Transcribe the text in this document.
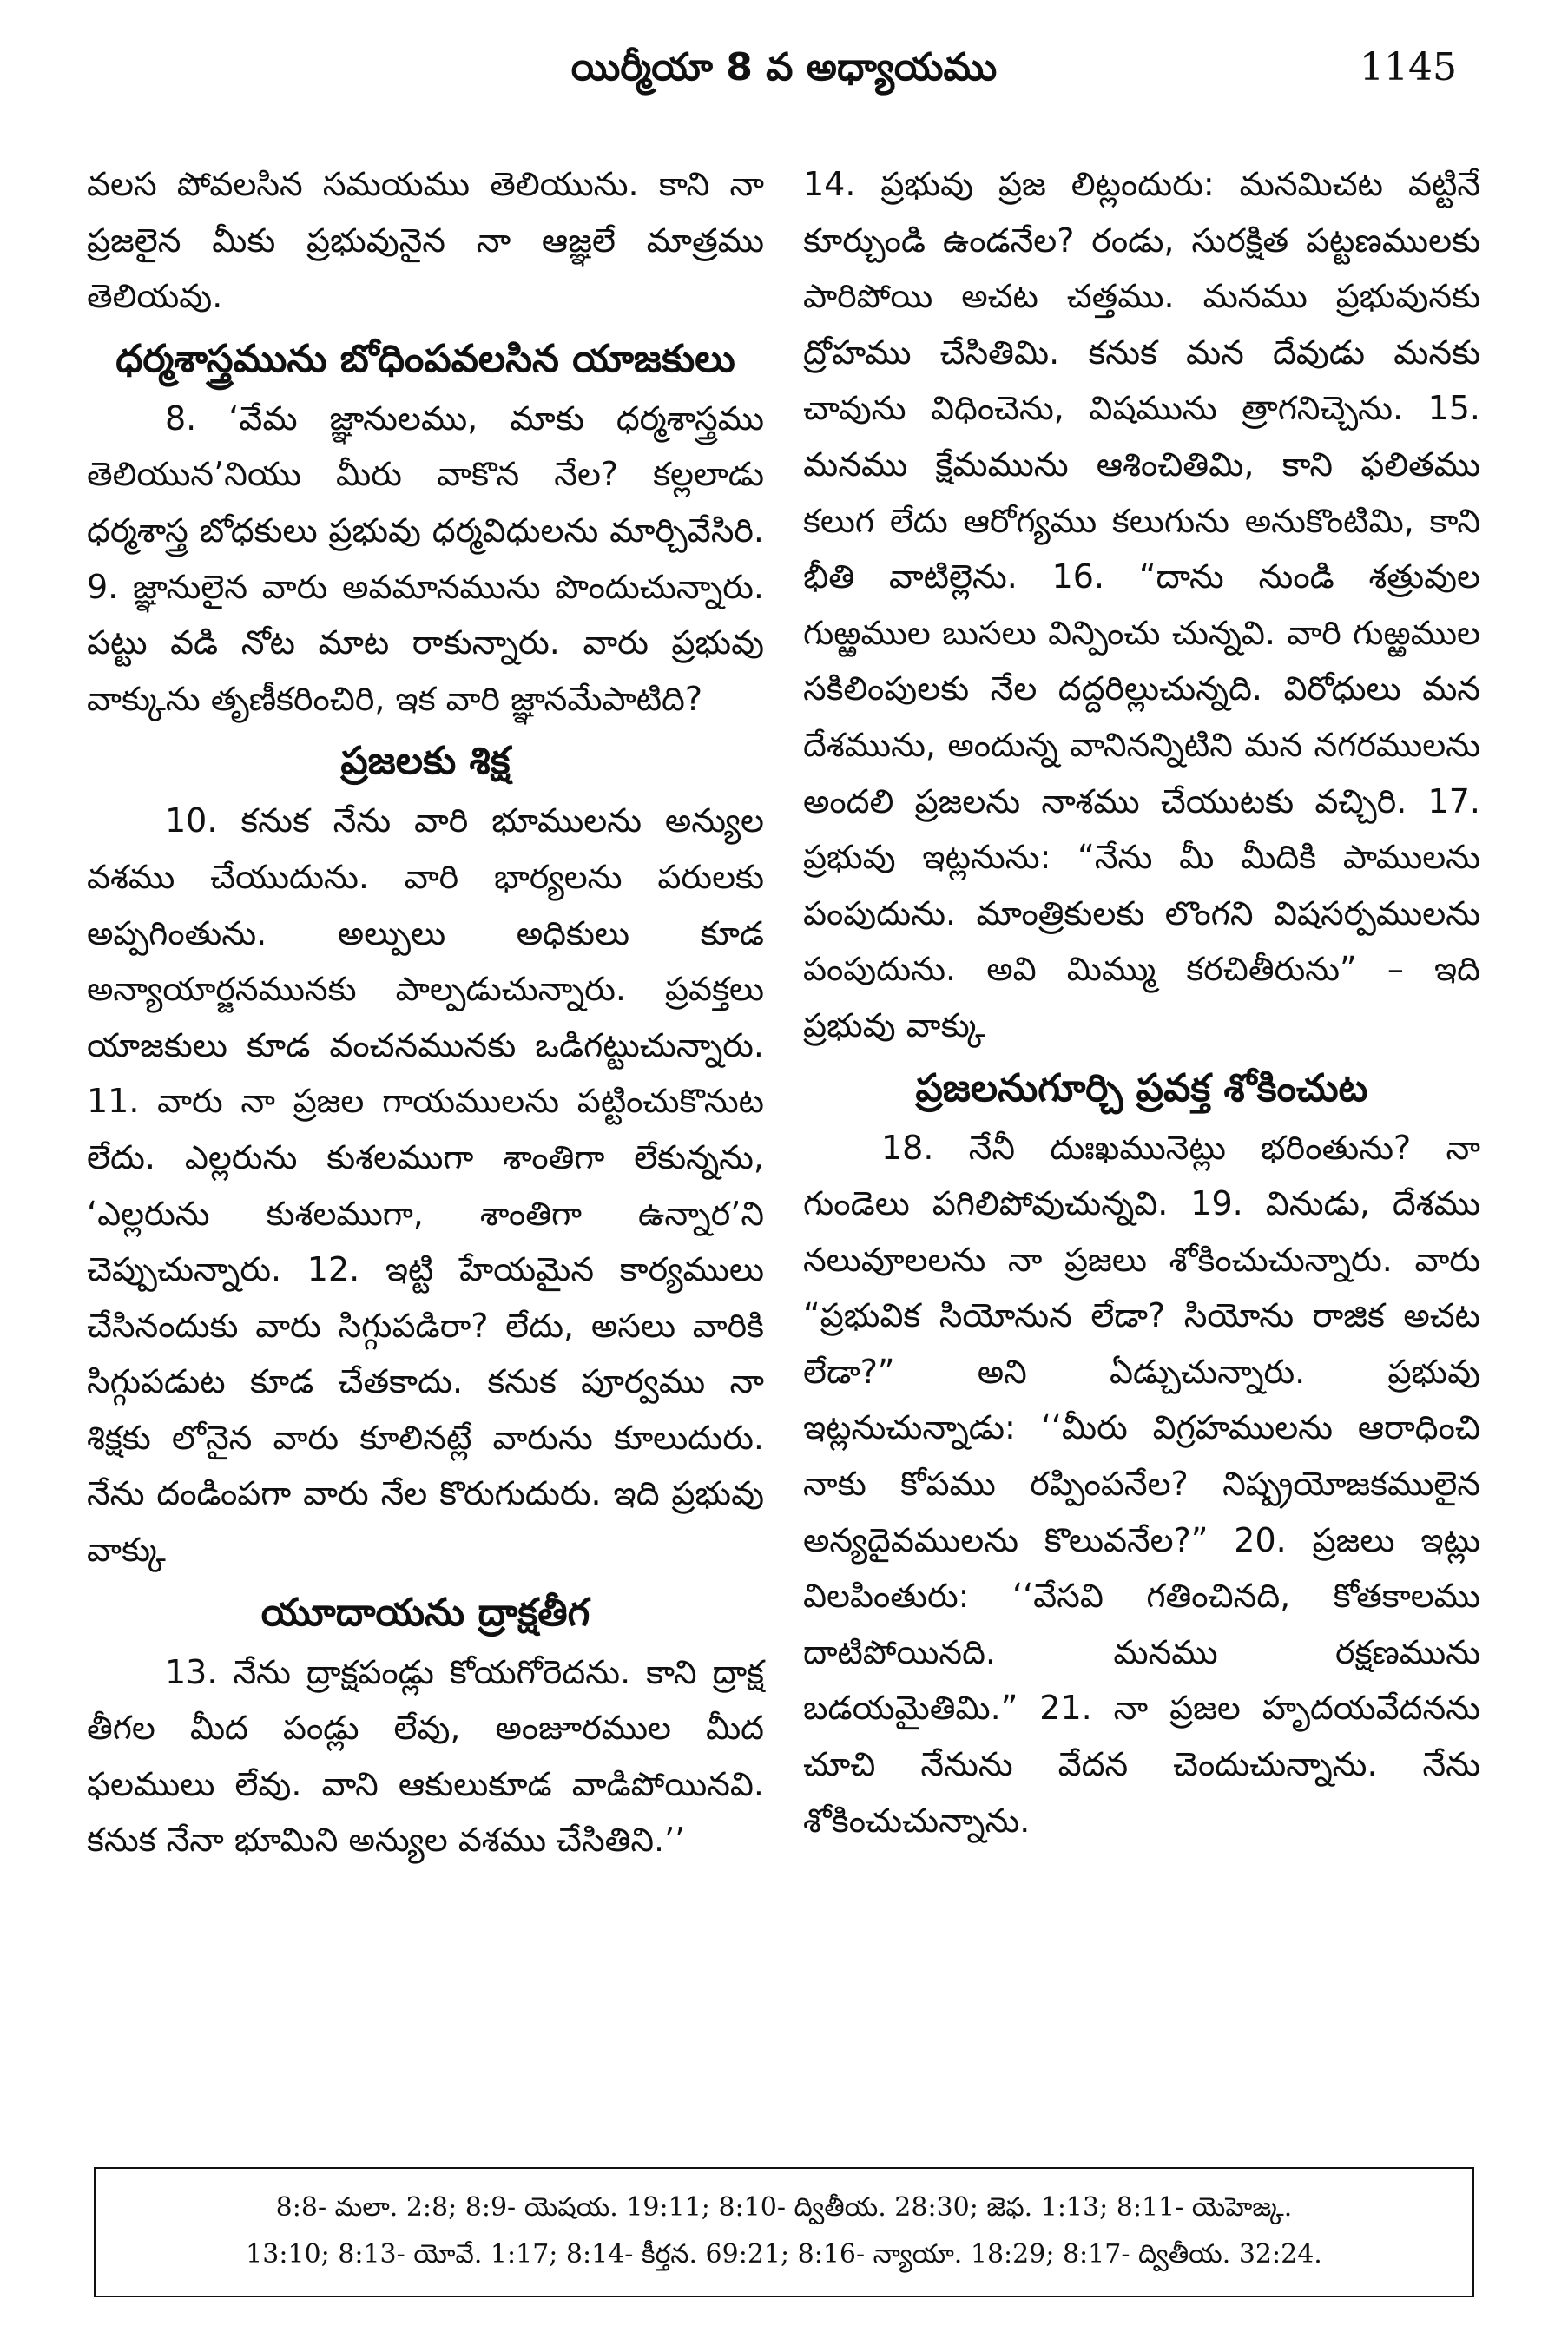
యిర్మీయా 8 వ అధ్యాయము	1145

వలస పోవలసిన సమయము తెలియును. కాని నా ప్రజలైన మీకు ప్రభువునైన నా ఆజ్ఞలే మాత్రము తెలియవు.

ధర్మశాస్త్రమును బోధింపవలసిన యాజకులు

8. ‘వేమ జ్ఞానులము, మాకు ధర్మశాస్త్రము తెలియున’నియు మీరు వాకొన నేల? కల్లలాడు ధర్మశాస్త్ర బోధకులు ప్రభువు ధర్మవిధులను మార్చివేసిరి. 9. జ్ఞానులైన వారు అవమానమును పొందుచున్నారు. పట్టు వడి నోట మాట రాకున్నారు. వారు ప్రభువు వాక్కును తృణీకరించిరి, ఇక వారి జ్ఞానమేపాటిది?

ప్రజలకు శిక్ష

10. కనుక నేను వారి భూములను అన్యుల వశము చేయుదును. వారి భార్యలను పరులకు అప్పగింతును. అల్పులు అధికులు కూడ అన్యాయార్జనమునకు పాల్పడుచున్నారు. ప్రవక్తలు యాజకులు కూడ వంచనమునకు ఒడిగట్టుచున్నారు. 11. వారు నా ప్రజల గాయములను పట్టించుకొనుట లేదు. ఎల్లరును కుశలముగా శాంతిగా లేకున్నను, ‘ఎల్లరును కుశలముగా, శాంతిగా ఉన్నార’ని చెప్పుచున్నారు. 12. ఇట్టి హేయమైన కార్యములు చేసినందుకు వారు సిగ్గుపడిరా? లేదు, అసలు వారికి సిగ్గుపడుట కూడ చేతకాదు. కనుక పూర్వము నా శిక్షకు లోనైన వారు కూలినట్లే వారును కూలుదురు. నేను దండింపగా వారు నేల కొరుగుదురు. ఇది ప్రభువు వాక్కు

యూదాయను ద్రాక్షతీగ

13. నేను ద్రాక్షపండ్లు కోయగోరెదను. కాని ద్రాక్ష తీగల మీద పండ్లు లేవు, అంజూరముల మీద ఫలములు లేవు. వాని ఆకులుకూడ వాడిపోయినవి. కనుక నేనా భూమిని అన్యుల వశము చేసితిని.’’

14. ప్రభువు ప్రజ లిట్లందురు: మనమిచట వట్టినే కూర్చుండి ఉండనేల? రండు, సురక్షిత పట్టణములకు పారిపోయి అచట చత్తము. మనము ప్రభువునకు ద్రోహము చేసితిమి. కనుక మన దేవుడు మనకు చావును విధించెను, విషమును త్రాగనిచ్చెను. 15. మనము క్షేమమును ఆశించితిమి, కాని ఫలితము కలుగ లేదు ఆరోగ్యము కలుగును అనుకొంటిమి, కాని భీతి వాటిల్లెను. 16. “దాను నుండి శత్రువుల గుఱ్ఱముల బుసలు విన్పించు చున్నవి. వారి గుఱ్ఱముల సకిలింపులకు నేల దద్దరిల్లుచున్నది. విరోధులు మన దేశమును, అందున్న వానినన్నిటిని మన నగరములను అందలి ప్రజలను నాశము చేయుటకు వచ్చిరి. 17. ప్రభువు ఇట్లనును: “నేను మీ మీదికి పాములను పంపుదును. మాంత్రికులకు లొంగని విషసర్పములను పంపుదును. అవి మిమ్ము కరచితీరును” – ఇది ప్రభువు వాక్కు

ప్రజలనుగూర్చి ప్రవక్త శోకించుట

18. నేనీ దుఃఖమునెట్లు భరింతును? నా గుండెలు పగిలిపోవుచున్నవి. 19. వినుడు, దేశము నలువూలలను నా ప్రజలు శోకించుచున్నారు. వారు “ప్రభువిక సియోనున లేడా? సియోను రాజిక అచట లేడా?” అని ఏడ్చుచున్నారు. ప్రభువు ఇట్లనుచున్నాడు: ‘‘మీరు విగ్రహములను ఆరాధించి నాకు కోపము రప్పింపనేల? నిష్ప్రయోజకములైన అన్యదైవములను కొలువనేల?” 20. ప్రజలు ఇట్లు విలపింతురు: ‘‘వేసవి గతించినది, కోతకాలము దాటిపోయినది. మనము రక్షణమును బడయమైతిమి.” 21. నా ప్రజల హృదయవేదనను చూచి నేనును వేదన చెందుచున్నాను. నేను శోకించుచున్నాను.

8:8- మలా. 2:8; 8:9- యెషయ. 19:11; 8:10- ద్వితీయ. 28:30; జెఫ. 1:13; 8:11- యెహెజ్క.

13:10; 8:13- యోవే. 1:17; 8:14- కీర్తన. 69:21; 8:16- న్యాయా. 18:29; 8:17- ద్వితీయ. 32:24.
